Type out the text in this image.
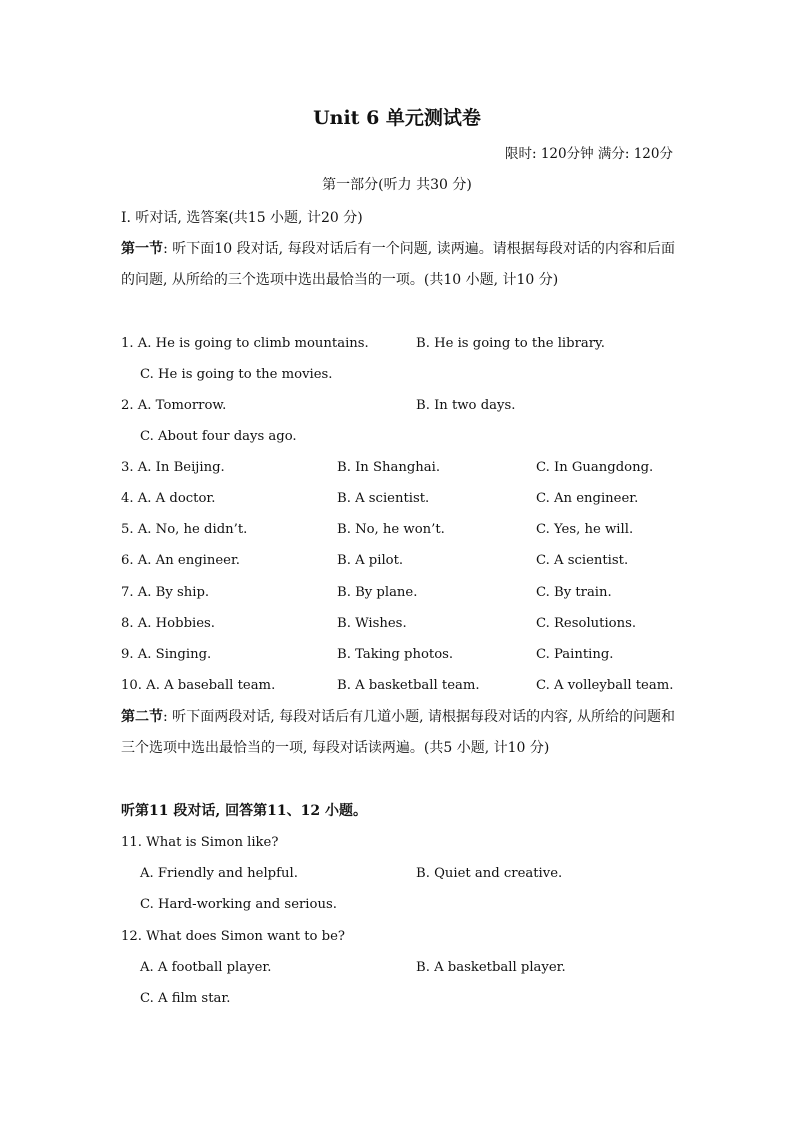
Unit 6 单元测试卷
限时: 120分钟 满分: 120分
第一部分(听力 共30 分)
I. 听对话, 选答案(共15 小题, 计20 分)
第一节: 听下面10 段对话, 每段对话后有一个问题, 读两遍。请根据每段对话的内容和后面的问题, 从所给的三个选项中选出最恰当的一项。(共10 小题, 计10 分)
1. A. He is going to climb mountains.	B. He is going to the library.
C. He is going to the movies.
2. A. Tomorrow.	B. In two days.
C. About four days ago.
3. A. In Beijing.	B. In Shanghai.	C. In Guangdong.
4. A. A doctor.	B. A scientist.	C. An engineer.
5. A. No, he didn’t.	B. No, he won’t.	C. Yes, he will.
6. A. An engineer.	B. A pilot.	C. A scientist.
7. A. By ship.	B. By plane.	C. By train.
8. A. Hobbies.	B. Wishes.	C. Resolutions.
9. A. Singing.	B. Taking photos.	C. Painting.
10. A. A baseball team.	B. A basketball team.	C. A volleyball team.
第二节: 听下面两段对话, 每段对话后有几道小题, 请根据每段对话的内容, 从所给的问题和三个选项中选出最恰当的一项, 每段对话读两遍。(共5 小题, 计10 分)
听第11 段对话, 回答第11、12 小题。
11. What is Simon like?
A. Friendly and helpful.	B. Quiet and creative.
C. Hard-working and serious.
12. What does Simon want to be?
A. A football player.	B. A basketball player.
C. A film star.
